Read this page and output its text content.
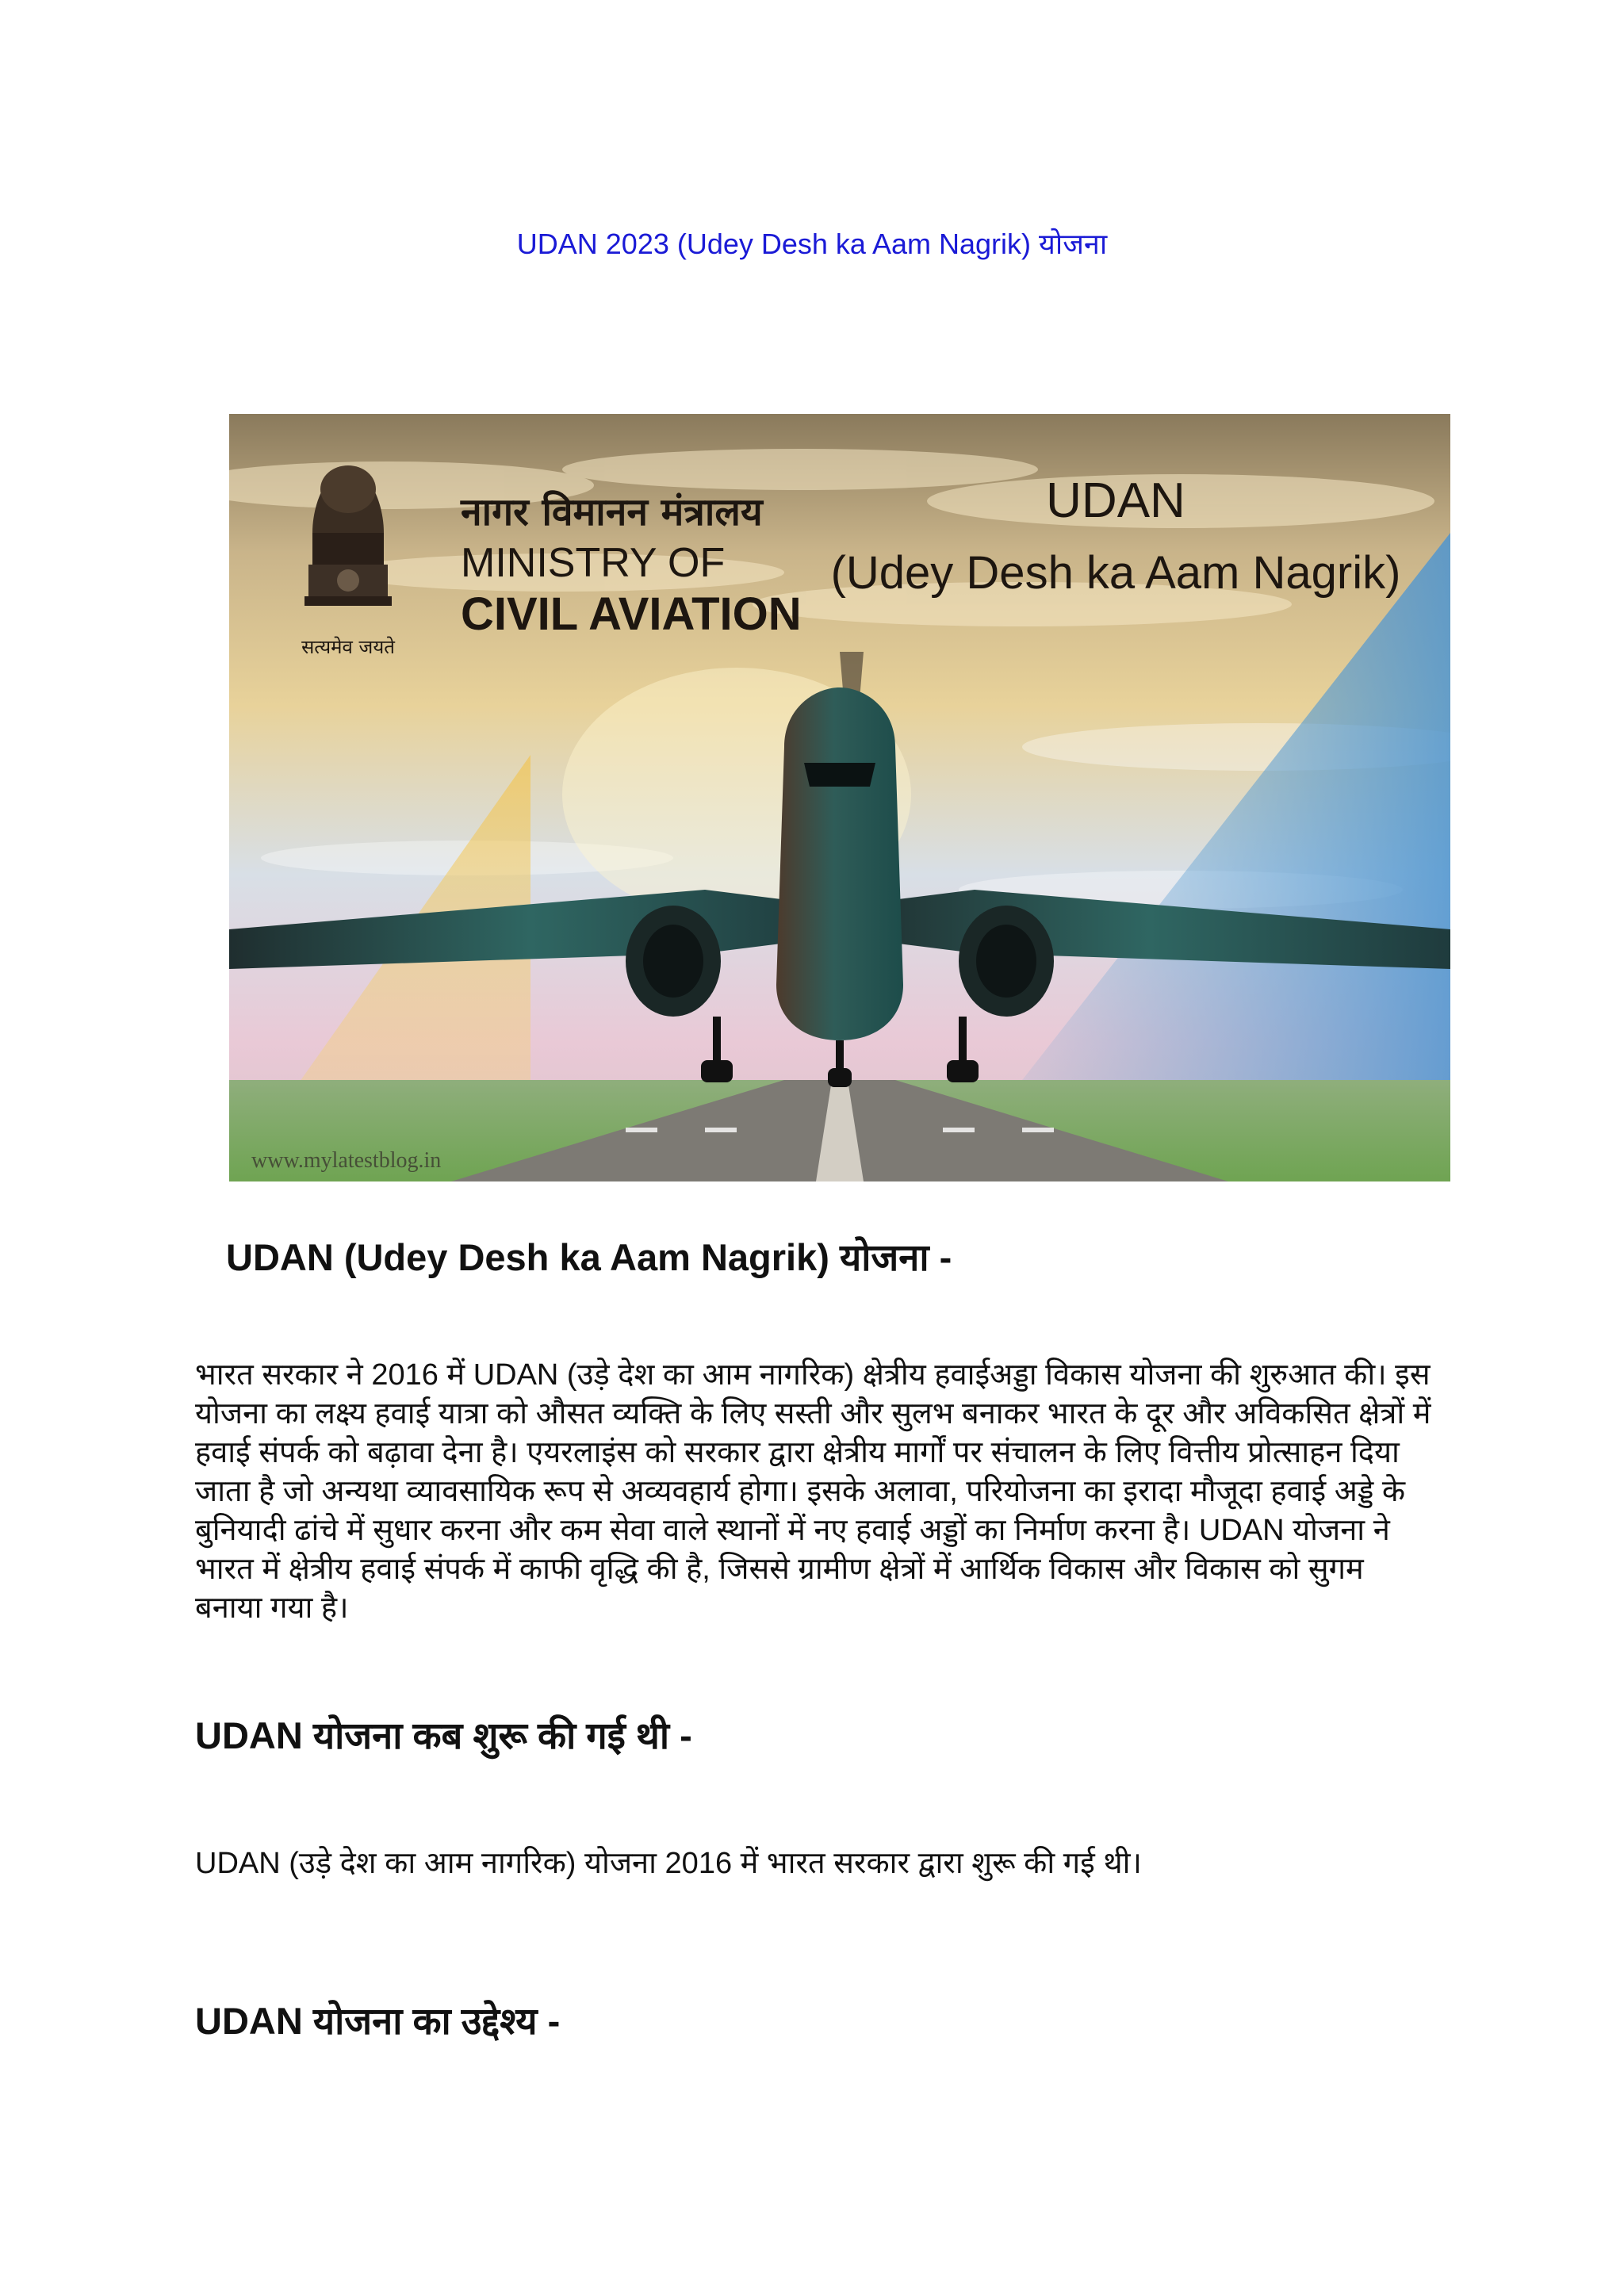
UDAN 2023 (Udey Desh ka Aam Nagrik) योजना
सत्यमेव जयते
नागर विमानन मंत्रालय
MINISTRY OF
CIVIL AVIATION
UDAN
(Udey Desh ka Aam Nagrik)
www.mylatestblog.in
UDAN (Udey Desh ka Aam Nagrik) योजना -

भारत सरकार ने 2016 में UDAN (उड़े देश का आम नागरिक) क्षेत्रीय हवाईअड्डा विकास योजना की शुरुआत की। इस योजना का लक्ष्य हवाई यात्रा को औसत व्यक्ति के लिए सस्ती और सुलभ बनाकर भारत के दूर और अविकसित क्षेत्रों में हवाई संपर्क को बढ़ावा देना है। एयरलाइंस को सरकार द्वारा क्षेत्रीय मार्गों पर संचालन के लिए वित्तीय प्रोत्साहन दिया जाता है जो अन्यथा व्यावसायिक रूप से अव्यवहार्य होगा। इसके अलावा, परियोजना का इरादा मौजूदा हवाई अड्डे के बुनियादी ढांचे में सुधार करना और कम सेवा वाले स्थानों में नए हवाई अड्डों का निर्माण करना है। UDAN योजना ने भारत में क्षेत्रीय हवाई संपर्क में काफी वृद्धि की है, जिससे ग्रामीण क्षेत्रों में आर्थिक विकास और विकास को सुगम बनाया गया है।

UDAN योजना कब शुरू की गई थी -

UDAN (उड़े देश का आम नागरिक) योजना 2016 में भारत सरकार द्वारा शुरू की गई थी।

UDAN योजना का उद्देश्य -
